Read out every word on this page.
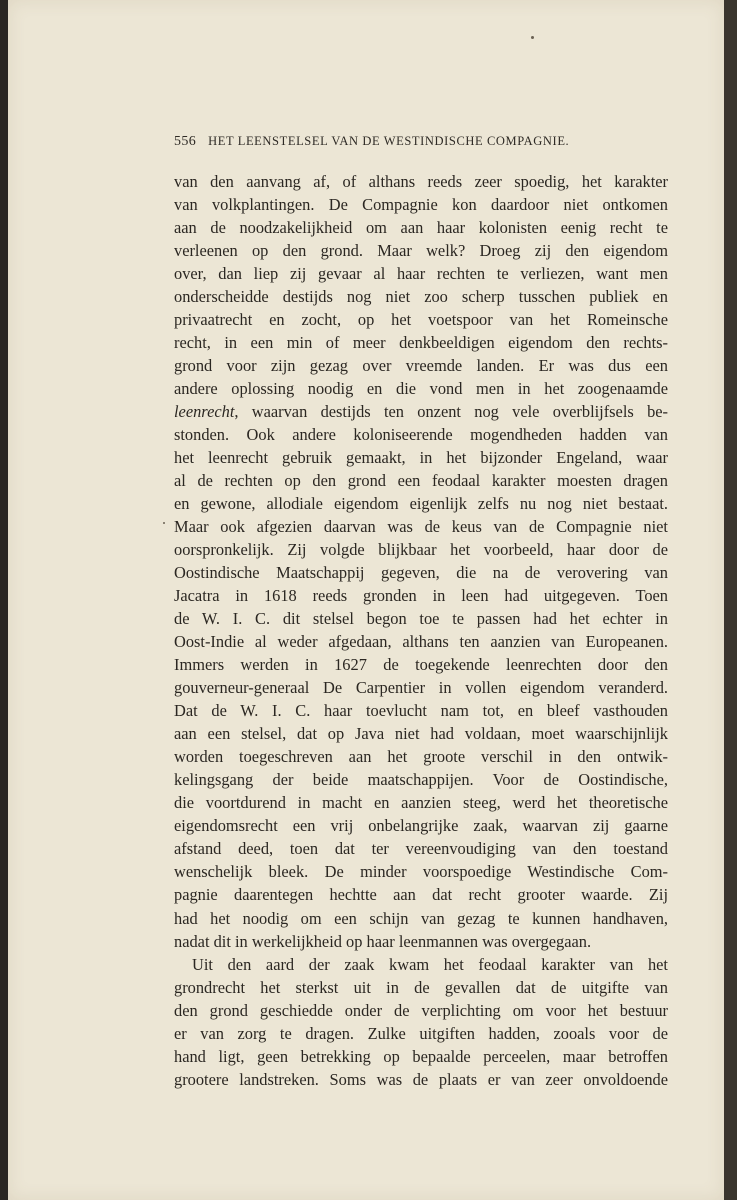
556 HET LEENSTELSEL VAN DE WESTINDISCHE COMPAGNIE.
van den aanvang af, of althans reeds zeer spoedig, het karakter
van volkplantingen. De Compagnie kon daardoor niet ontkomen
aan de noodzakelijkheid om aan haar kolonisten eenig recht te
verleenen op den grond. Maar welk? Droeg zij den eigendom
over, dan liep zij gevaar al haar rechten te verliezen, want men
onderscheidde destijds nog niet zoo scherp tusschen publiek en
privaatrecht en zocht, op het voetspoor van het Romeinsche
recht, in een min of meer denkbeeldigen eigendom den rechts-
grond voor zijn gezag over vreemde landen. Er was dus een
andere oplossing noodig en die vond men in het zoogenaamde
leenrecht, waarvan destijds ten onzent nog vele overblijfsels be-
stonden. Ook andere koloniseerende mogendheden hadden van
het leenrecht gebruik gemaakt, in het bijzonder Engeland, waar
al de rechten op den grond een feodaal karakter moesten dragen
en gewone, allodiale eigendom eigenlijk zelfs nu nog niet bestaat.
Maar ook afgezien daarvan was de keus van de Compagnie niet
oorspronkelijk. Zij volgde blijkbaar het voorbeeld, haar door de
Oostindische Maatschappij gegeven, die na de verovering van
Jacatra in 1618 reeds gronden in leen had uitgegeven. Toen
de W. I. C. dit stelsel begon toe te passen had het echter in
Oost-Indie al weder afgedaan, althans ten aanzien van Europeanen.
Immers werden in 1627 de toegekende leenrechten door den
gouverneur-generaal De Carpentier in vollen eigendom veranderd.
Dat de W. I. C. haar toevlucht nam tot, en bleef vasthouden
aan een stelsel, dat op Java niet had voldaan, moet waarschijnlijk
worden toegeschreven aan het groote verschil in den ontwik-
kelingsgang der beide maatschappijen. Voor de Oostindische,
die voortdurend in macht en aanzien steeg, werd het theoretische
eigendomsrecht een vrij onbelangrijke zaak, waarvan zij gaarne
afstand deed, toen dat ter vereenvoudiging van den toestand
wenschelijk bleek. De minder voorspoedige Westindische Com-
pagnie daarentegen hechtte aan dat recht grooter waarde. Zij
had het noodig om een schijn van gezag te kunnen handhaven,
nadat dit in werkelijkheid op haar leenmannen was overgegaan.
Uit den aard der zaak kwam het feodaal karakter van het
grondrecht het sterkst uit in de gevallen dat de uitgifte van
den grond geschiedde onder de verplichting om voor het bestuur
er van zorg te dragen. Zulke uitgiften hadden, zooals voor de
hand ligt, geen betrekking op bepaalde perceelen, maar betroffen
grootere landstreken. Soms was de plaats er van zeer onvoldoende
